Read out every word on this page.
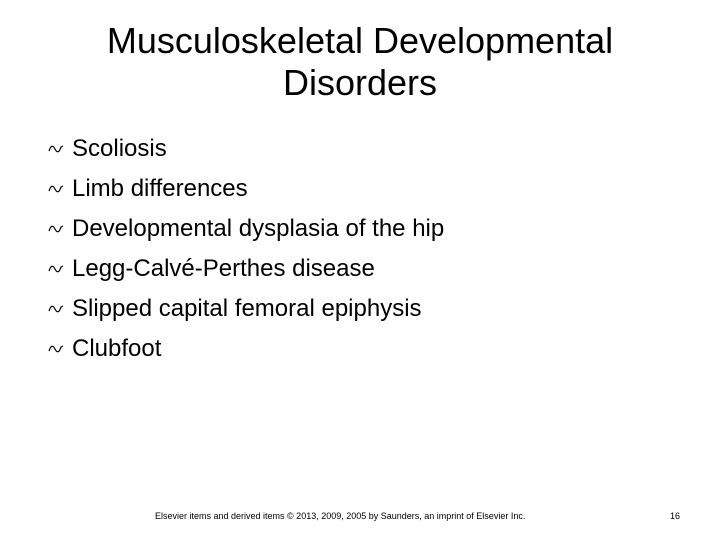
Musculoskeletal Developmental
Disorders
Scoliosis
Limb differences
Developmental dysplasia of the hip
Legg-Calvé-Perthes disease
Slipped capital femoral epiphysis
Clubfoot
Elsevier items and derived items © 2013, 2009, 2005 by Saunders, an imprint of Elsevier Inc.	16
